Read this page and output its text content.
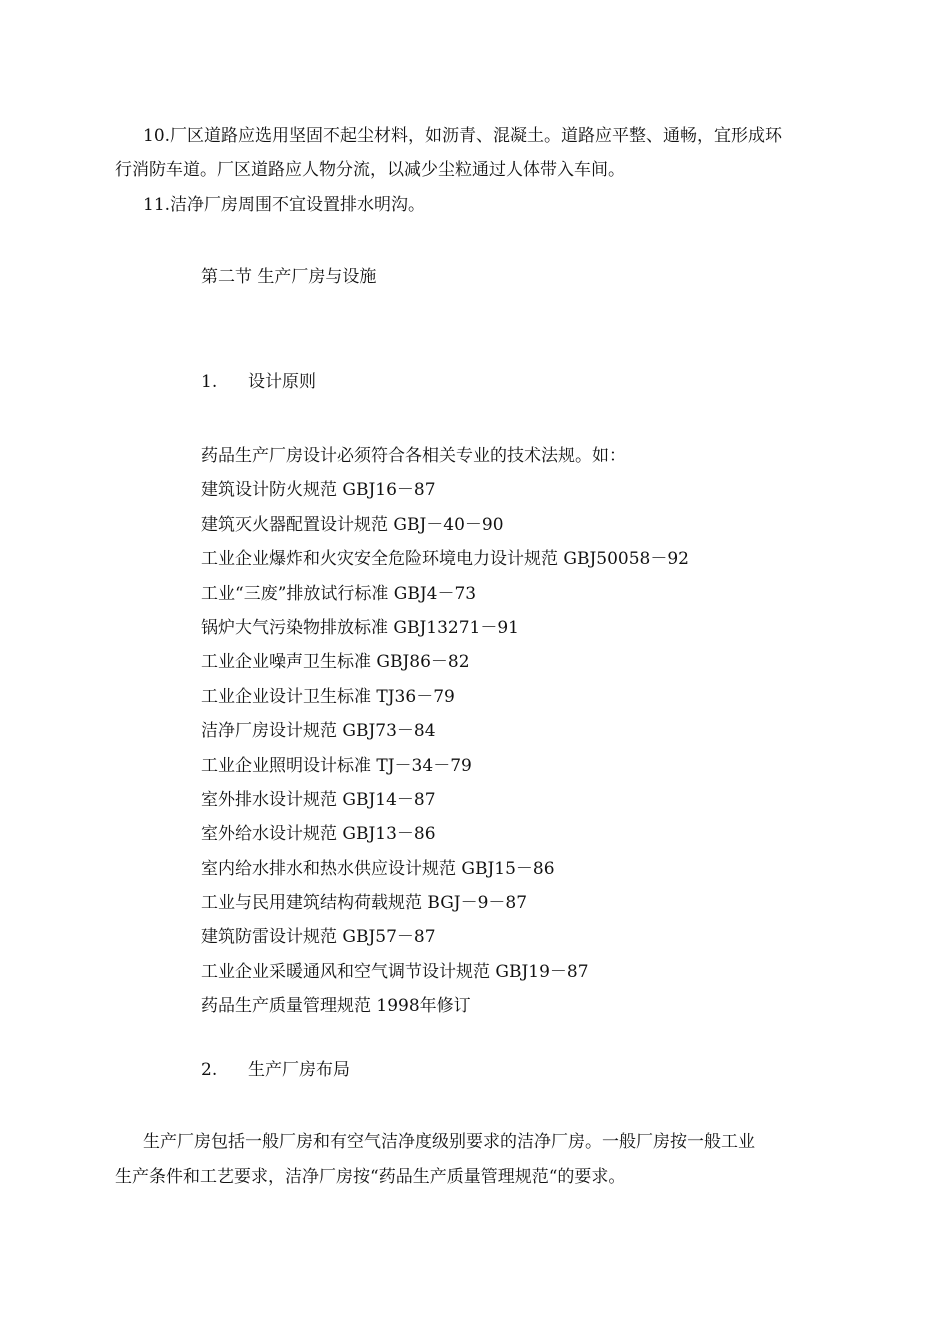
10.厂区道路应选用坚固不起尘材料，如沥青、混凝土。道路应平整、通畅，宜形成环
行消防车道。厂区道路应人物分流，以减少尘粒通过人体带入车间。
11.洁净厂房周围不宜设置排水明沟。
第二节 生产厂房与设施
1. 设计原则
药品生产厂房设计必须符合各相关专业的技术法规。如：
建筑设计防火规范 GBJ16－87
建筑灭火器配置设计规范 GBJ－40－90
工业企业爆炸和火灾安全危险环境电力设计规范 GBJ50058－92
工业“三废”排放试行标准 GBJ4－73
锅炉大气污染物排放标准 GBJ13271－91
工业企业噪声卫生标准 GBJ86－82
工业企业设计卫生标准 TJ36－79
洁净厂房设计规范 GBJ73－84
工业企业照明设计标准 TJ－34－79
室外排水设计规范 GBJ14－87
室外给水设计规范 GBJ13－86
室内给水排水和热水供应设计规范 GBJ15－86
工业与民用建筑结构荷载规范 BGJ－9－87
建筑防雷设计规范 GBJ57－87
工业企业采暖通风和空气调节设计规范 GBJ19－87
药品生产质量管理规范 1998年修订
2. 生产厂房布局
生产厂房包括一般厂房和有空气洁净度级别要求的洁净厂房。一般厂房按一般工业
生产条件和工艺要求，洁净厂房按“药品生产质量管理规范“的要求。
